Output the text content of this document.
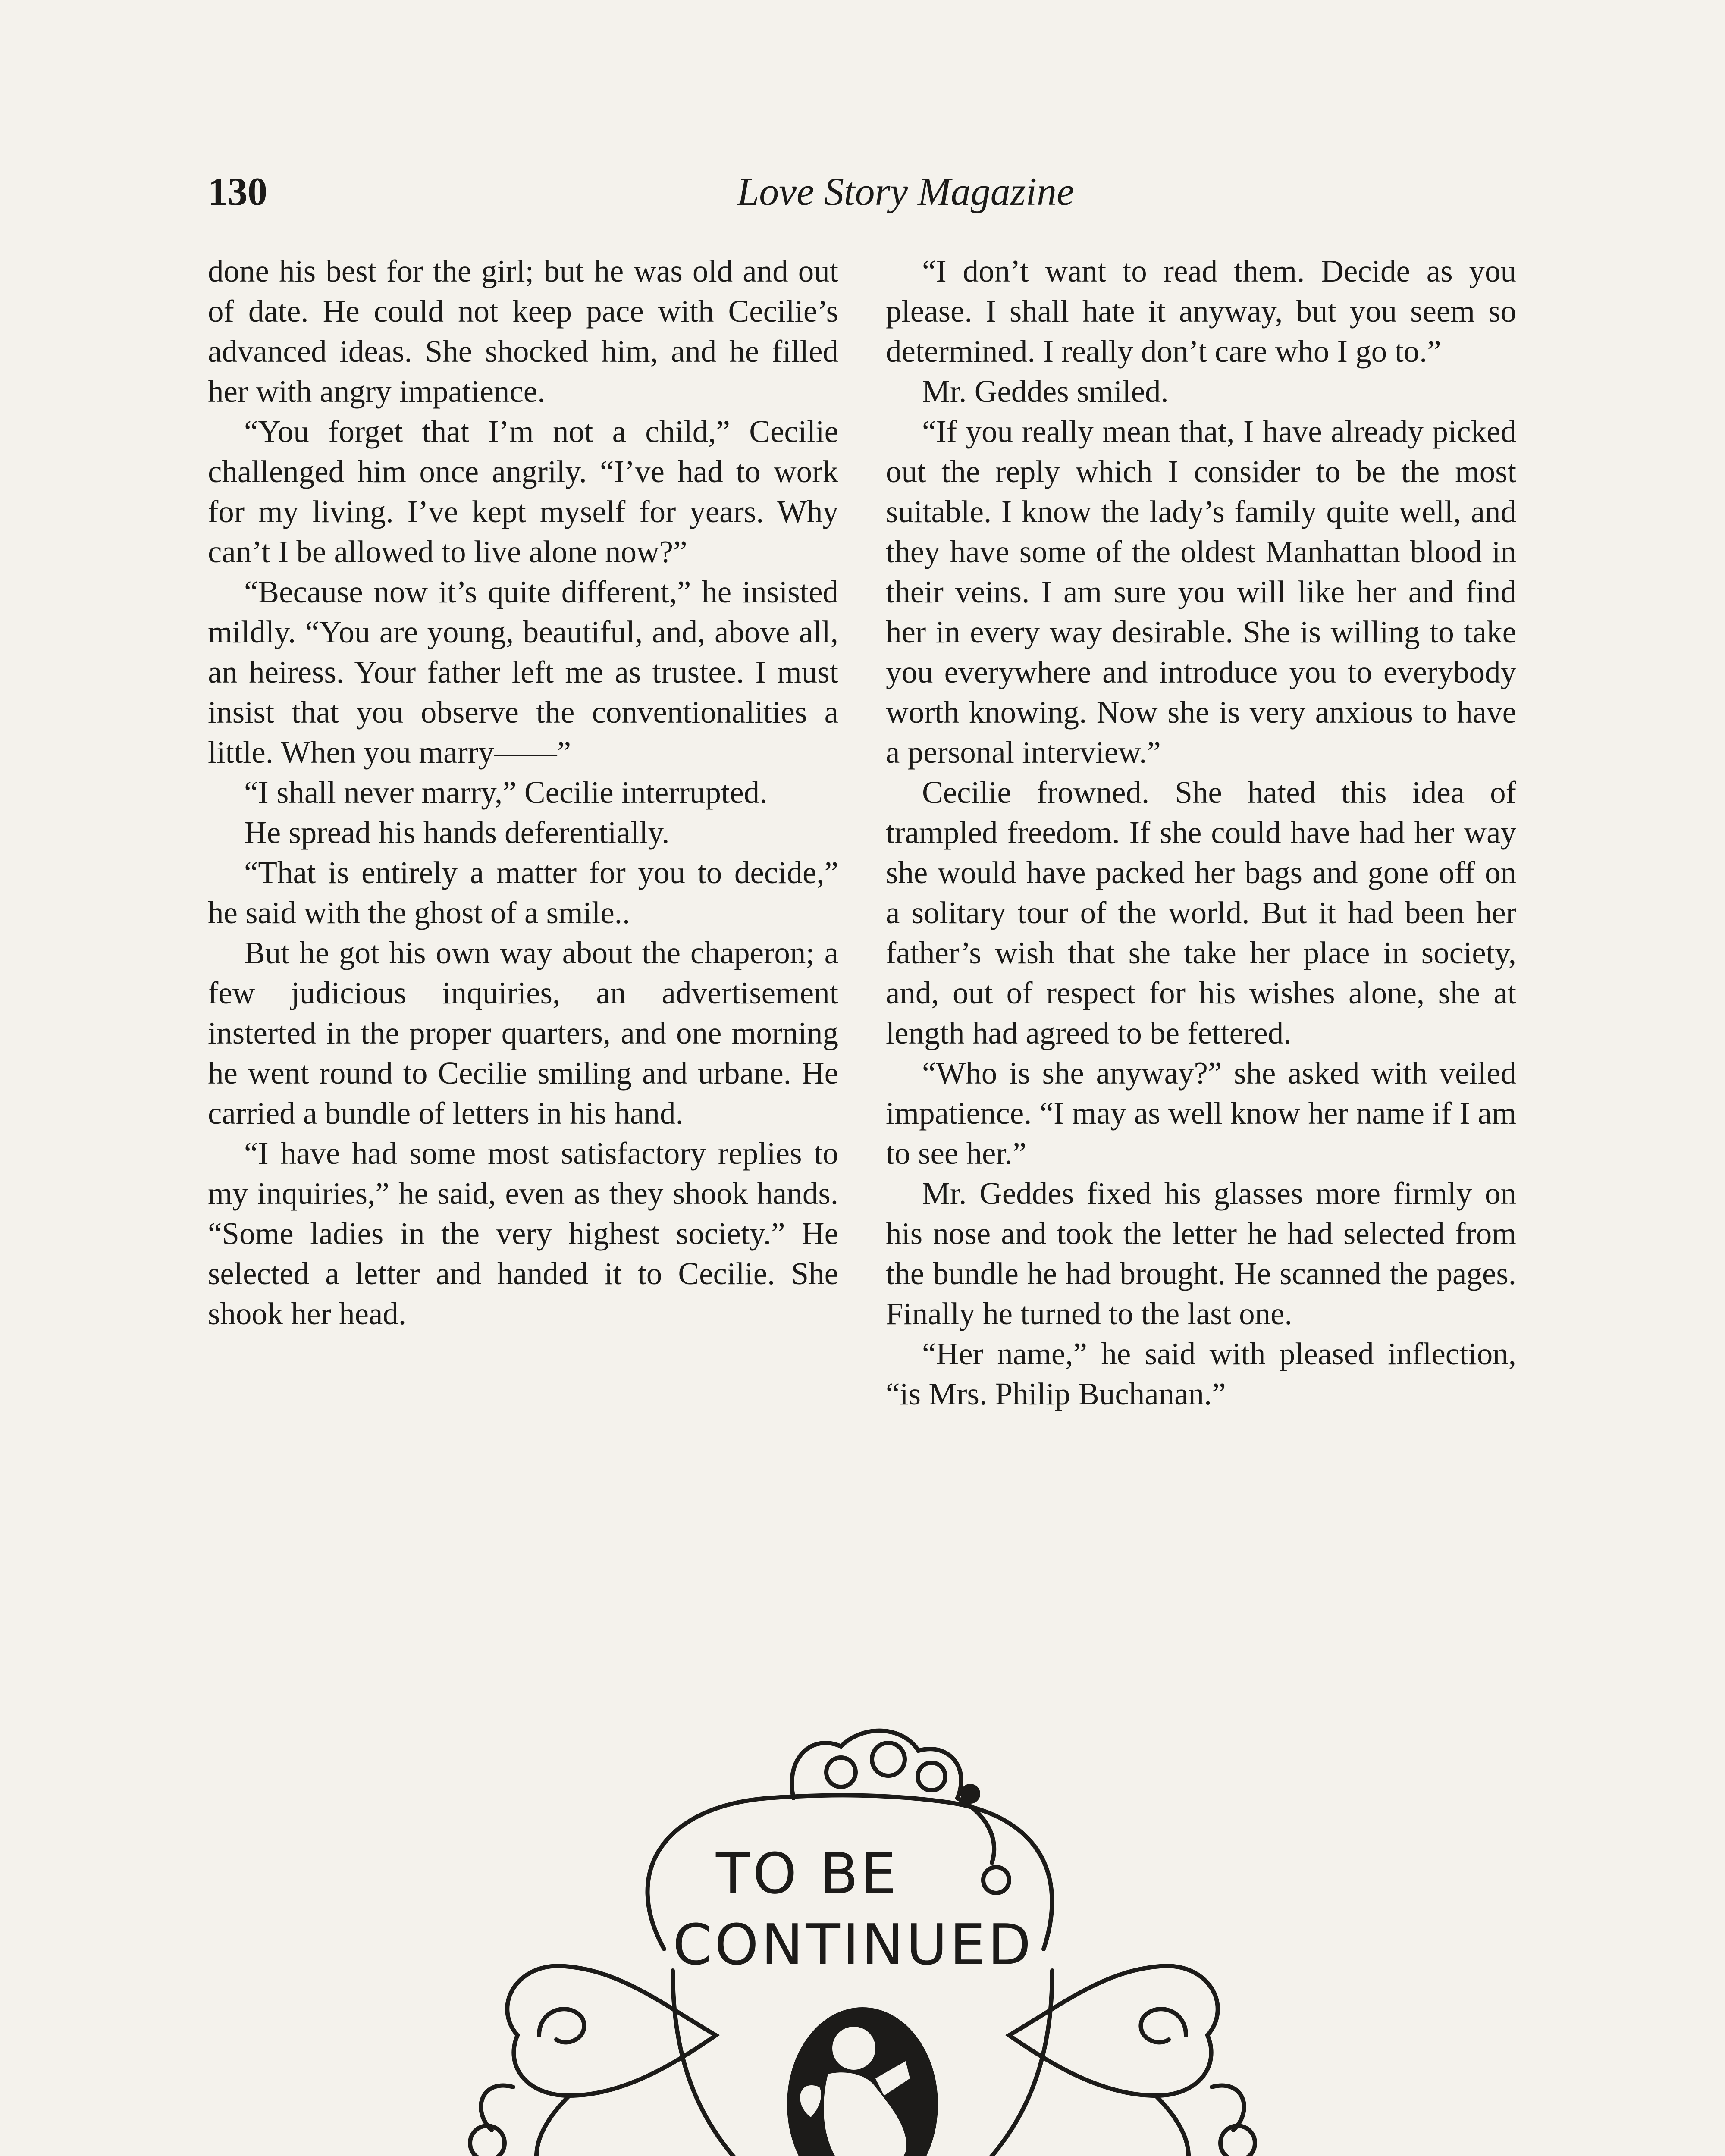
130	Love Story Magazine

done his best for the girl; but he was old and out of date. He could not keep pace with Cecilie’s advanced ideas. She shocked him, and he filled her with angry impatience.

“You forget that I’m not a child,” Cecilie challenged him once angrily. “I’ve had to work for my living. I’ve kept myself for years. Why can’t I be allowed to live alone now?”

“Because now it’s quite different,” he insisted mildly. “You are young, beautiful, and, above all, an heiress. Your father left me as trustee. I must insist that you observe the conventionalities a little. When you marry——”

“I shall never marry,” Cecilie interrupted.

He spread his hands deferentially.

“That is entirely a matter for you to decide,” he said with the ghost of a smile..

But he got his own way about the chaperon; a few judicious inquiries, an advertisement insterted in the proper quarters, and one morning he went round to Cecilie smiling and urbane. He carried a bundle of letters in his hand.

“I have had some most satisfactory replies to my inquiries,” he said, even as they shook hands. “Some ladies in the very highest society.” He selected a letter and handed it to Cecilie. She shook her head.

“I don’t want to read them. Decide as you please. I shall hate it anyway, but you seem so determined. I really don’t care who I go to.”

Mr. Geddes smiled.

“If you really mean that, I have already picked out the reply which I consider to be the most suitable. I know the lady’s family quite well, and they have some of the oldest Manhattan blood in their veins. I am sure you will like her and find her in every way desirable. She is willing to take you everywhere and introduce you to everybody worth knowing. Now she is very anxious to have a personal interview.”

Cecilie frowned. She hated this idea of trampled freedom. If she could have had her way she would have packed her bags and gone off on a solitary tour of the world. But it had been her father’s wish that she take her place in society, and, out of respect for his wishes alone, she at length had agreed to be fettered.

“Who is she anyway?” she asked with veiled impatience. “I may as well know her name if I am to see her.”

Mr. Geddes fixed his glasses more firmly on his nose and took the letter he had selected from the bundle he had brought. He scanned the pages. Finally he turned to the last one.

“Her name,” he said with pleased inflection, “is Mrs. Philip Buchanan.”

TO BE
CONTINUED
